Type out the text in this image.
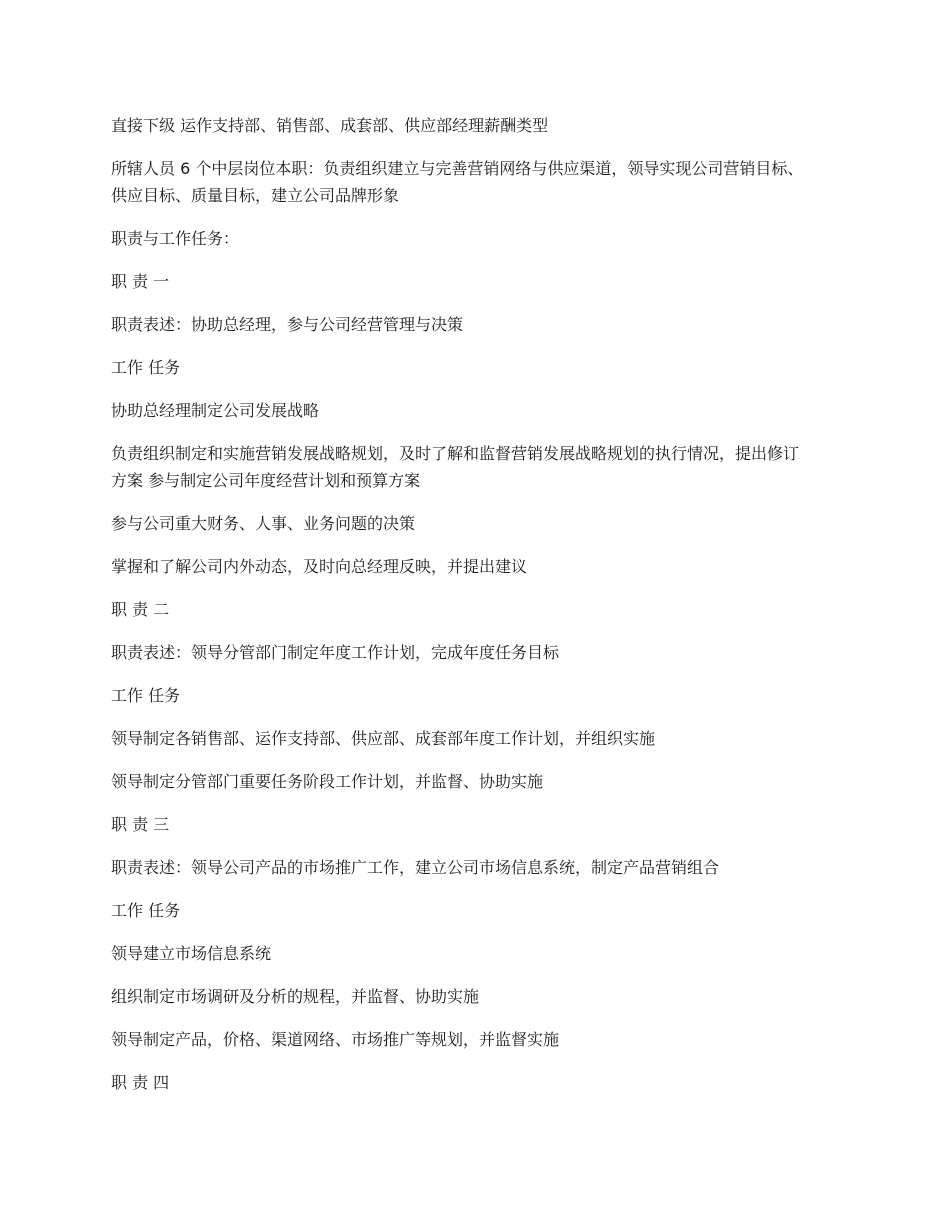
直接下级 运作支持部、销售部、成套部、供应部经理薪酬类型

所辖人员 6 个中层岗位本职：负责组织建立与完善营销网络与供应渠道，领导实现公司营销目标、供应目标、质量目标，建立公司品牌形象

职责与工作任务：

职 责 一

职责表述：协助总经理，参与公司经营管理与决策

工作 任务

协助总经理制定公司发展战略

负责组织制定和实施营销发展战略规划，及时了解和监督营销发展战略规划的执行情况，提出修订方案 参与制定公司年度经营计划和预算方案

参与公司重大财务、人事、业务问题的决策

掌握和了解公司内外动态，及时向总经理反映，并提出建议

职 责 二

职责表述：领导分管部门制定年度工作计划，完成年度任务目标

工作 任务

领导制定各销售部、运作支持部、供应部、成套部年度工作计划，并组织实施

领导制定分管部门重要任务阶段工作计划，并监督、协助实施

职 责 三

职责表述：领导公司产品的市场推广工作，建立公司市场信息系统，制定产品营销组合

工作 任务

领导建立市场信息系统

组织制定市场调研及分析的规程，并监督、协助实施

领导制定产品，价格、渠道网络、市场推广等规划，并监督实施

职 责 四
